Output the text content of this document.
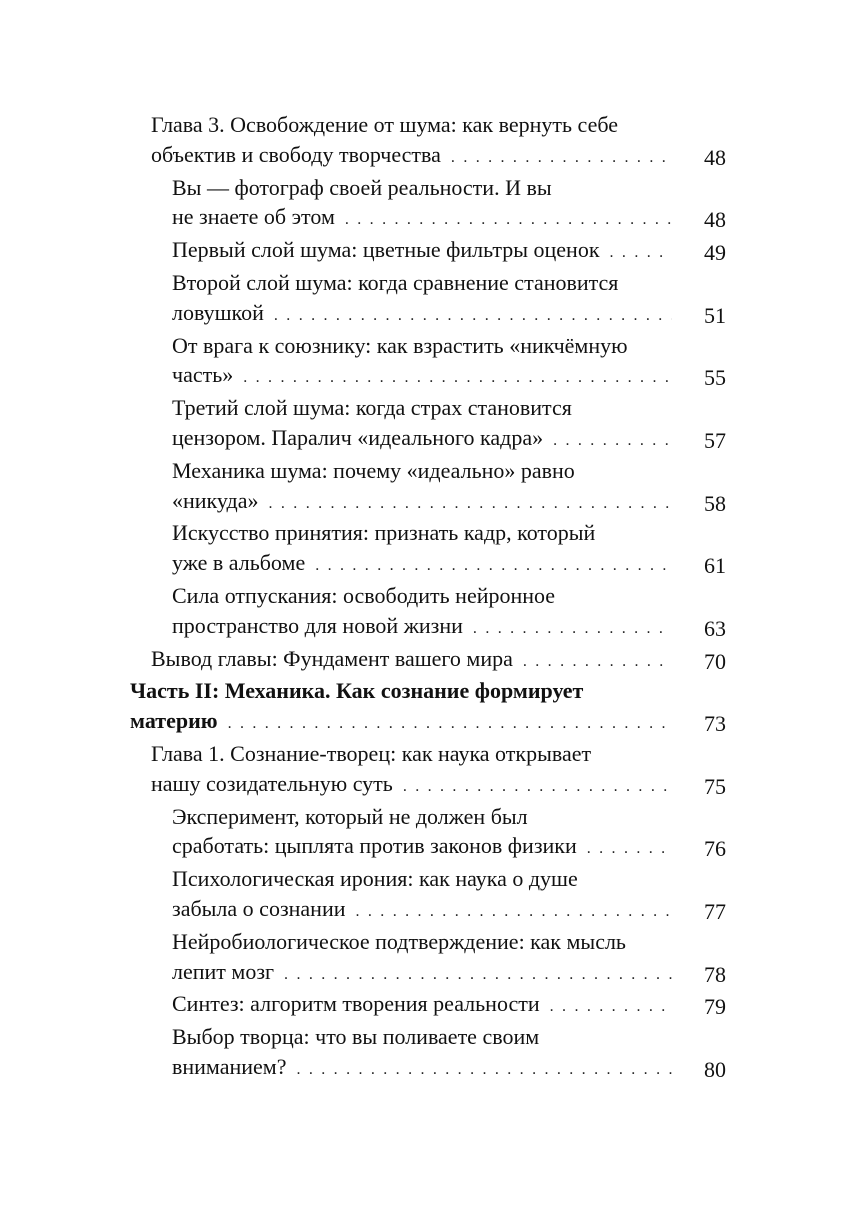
Глава 3. Освобождение от шума: как вернуть себе
объектив и свободу творчества . . .	48
Вы — фотограф своей реальности. И вы
не знаете об этом . . .	48
Первый слой шума: цветные фильтры оценок . . .	49
Второй слой шума: когда сравнение становится
ловушкой . . .	51
От врага к союзнику: как взрастить «никчёмную
часть» . . .	55
Третий слой шума: когда страх становится
цензором. Паралич «идеального кадра» . . .	57
Механика шума: почему «идеально» равно
«никуда» . . .	58
Искусство принятия: признать кадр, который
уже в альбоме . . .	61
Сила отпускания: освободить нейронное
пространство для новой жизни . . .	63
Вывод главы: Фундамент вашего мира . . .	70
Часть II: Механика. Как сознание формирует
материю . . .	73
Глава 1. Сознание-творец: как наука открывает
нашу созидательную суть . . .	75
Эксперимент, который не должен был
сработать: цыплята против законов физики . . .	76
Психологическая ирония: как наука о душе
забыла о сознании . . .	77
Нейробиологическое подтверждение: как мысль
лепит мозг . . .	78
Синтез: алгоритм творения реальности . . .	79
Выбор творца: что вы поливаете своим
вниманием? . . .	80
